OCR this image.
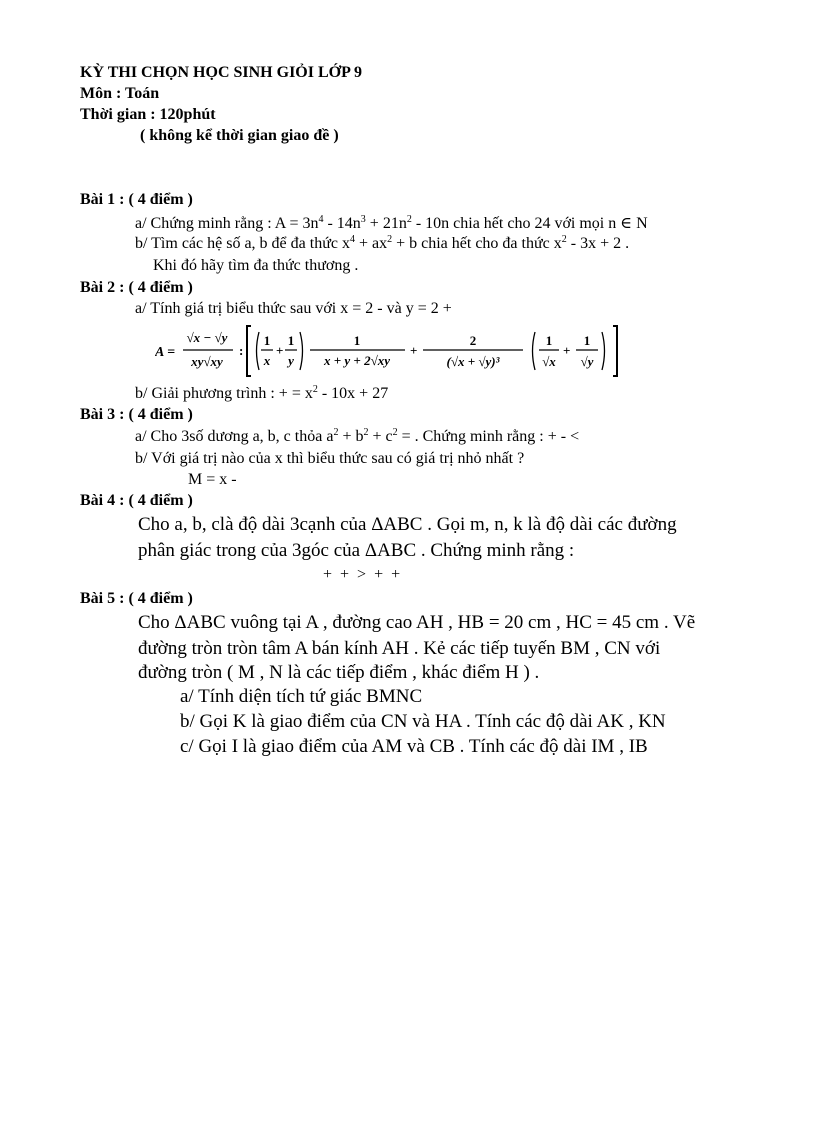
KỲ THI CHỌN HỌC SINH GIỎI LỚP 9
Môn : Toán
Thời gian : 120phút
( không kể thời gian giao đề )
Bài 1 : ( 4 điểm )
a/ Chứng minh rằng : $A = 3n^4 - 14n^3 + 21n^2 - 10n$ chia hết cho 24 với mọi n ∈ N
b/ Tìm các hệ số a, b để đa thức $x^4 + ax^2 + b$ chia hết cho đa thức $x^2 - 3x + 2$ .
Khi đó hãy tìm đa thức thương .
Bài 2 : ( 4 điểm )
a/ Tính giá trị biểu thức sau với x = 2 - và y = 2 +
A =
√x − √y
xy√xy
:
1
x
+
1
y
1
x + y + 2√xy
+
2
(√x + √y)³
1
√x
+
1
√y
b/ Giải phương trình : + = $x^2 - 10x + 27$
Bài 3 : ( 4 điểm )
a/ Cho 3số dương a, b, c thỏa $a^2 + b^2 + c^2$ = . Chứng minh rằng : + - <
b/ Với giá trị nào của x thì biểu thức sau có giá trị nhỏ nhất ?
M = x -
Bài 4 : ( 4 điểm )
Cho a, b, clà độ dài 3cạnh của ΔABC . Gọi m, n, k là độ dài các đường
phân giác trong của 3góc của ΔABC . Chứng minh rằng :
+ + > + +
Bài 5 : ( 4 điểm )
Cho ΔABC vuông tại A , đường cao AH , HB = 20 cm , HC = 45 cm . Vẽ
đường tròn tròn tâm A bán kính AH . Kẻ các tiếp tuyến BM , CN với
đường tròn ( M , N là các tiếp điểm , khác điểm H ) .
a/ Tính diện tích tứ giác BMNC
b/ Gọi K là giao điểm của CN và HA . Tính các độ dài AK , KN
c/ Gọi I là giao điểm của AM và CB . Tính các độ dài IM , IB
